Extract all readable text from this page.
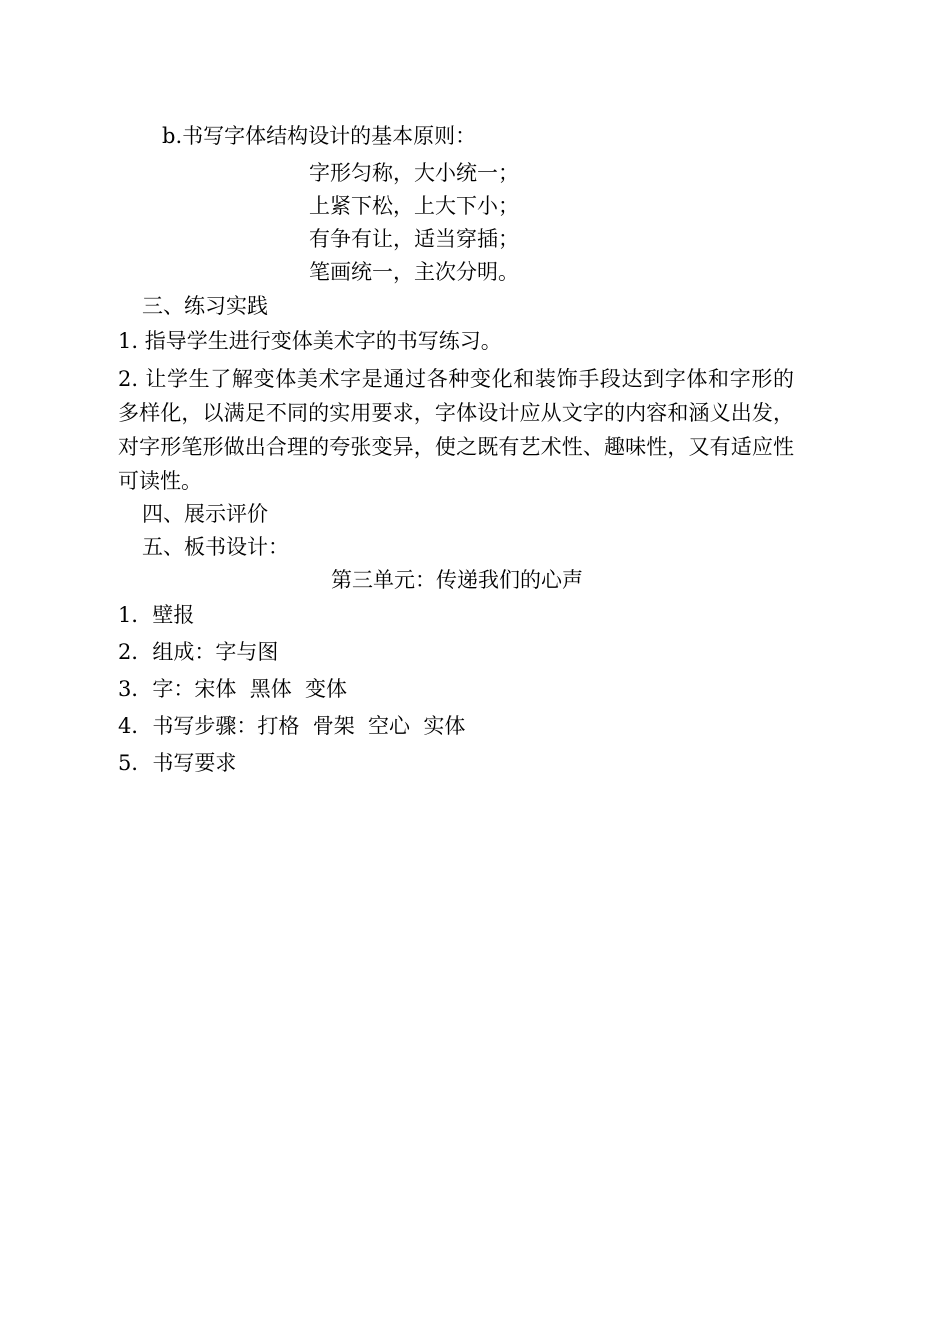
b.书写字体结构设计的基本原则：
字形匀称，大小统一；
上紧下松，上大下小；
有争有让，适当穿插；
笔画统一，主次分明。
三、练习实践
1. 指导学生进行变体美术字的书写练习。
2. 让学生了解变体美术字是通过各种变化和装饰手段达到字体和字形的多样化，以满足不同的实用要求，字体设计应从文字的内容和涵义出发，对字形笔形做出合理的夸张变异，使之既有艺术性、趣味性，又有适应性可读性。
四、展示评价
五、板书设计：
第三单元：传递我们的心声
1．壁报
2．组成：字与图
3．字：宋体  黑体  变体
4．书写步骤：打格  骨架  空心  实体
5．书写要求
